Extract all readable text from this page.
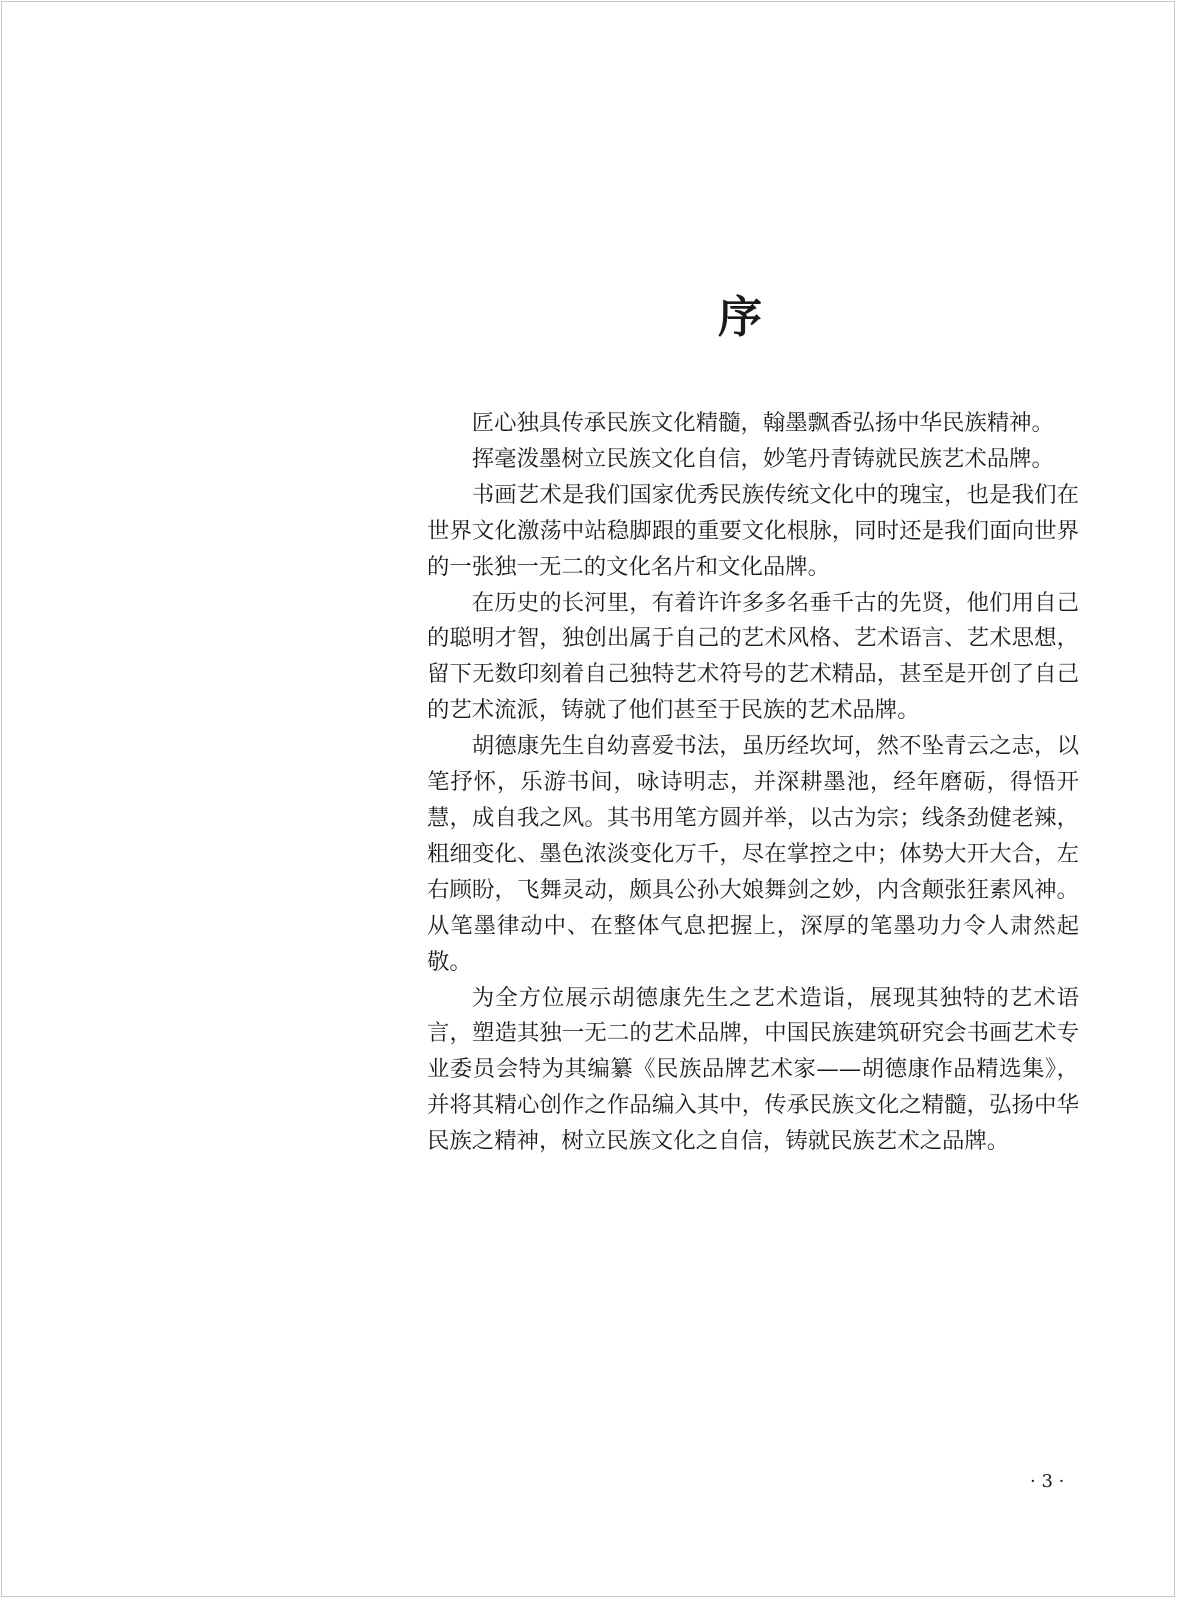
序

匠心独具传承民族文化精髓，翰墨飘香弘扬中华民族精神。

挥毫泼墨树立民族文化自信，妙笔丹青铸就民族艺术品牌。

书画艺术是我们国家优秀民族传统文化中的瑰宝，也是我们在世界文化激荡中站稳脚跟的重要文化根脉，同时还是我们面向世界的一张独一无二的文化名片和文化品牌。

在历史的长河里，有着许许多多名垂千古的先贤，他们用自己的聪明才智，独创出属于自己的艺术风格、艺术语言、艺术思想，留下无数印刻着自己独特艺术符号的艺术精品，甚至是开创了自己的艺术流派，铸就了他们甚至于民族的艺术品牌。

胡德康先生自幼喜爱书法，虽历经坎坷，然不坠青云之志，以笔抒怀，乐游书间，咏诗明志，并深耕墨池，经年磨砺，得悟开慧，成自我之风。其书用笔方圆并举，以古为宗；线条劲健老辣，粗细变化、墨色浓淡变化万千，尽在掌控之中；体势大开大合，左右顾盼，飞舞灵动，颇具公孙大娘舞剑之妙，内含颠张狂素风神。从笔墨律动中、在整体气息把握上，深厚的笔墨功力令人肃然起敬。

为全方位展示胡德康先生之艺术造诣，展现其独特的艺术语言，塑造其独一无二的艺术品牌，中国民族建筑研究会书画艺术专业委员会特为其编纂《民族品牌艺术家——胡德康作品精选集》，并将其精心创作之作品编入其中，传承民族文化之精髓，弘扬中华民族之精神，树立民族文化之自信，铸就民族艺术之品牌。

· 3 ·
